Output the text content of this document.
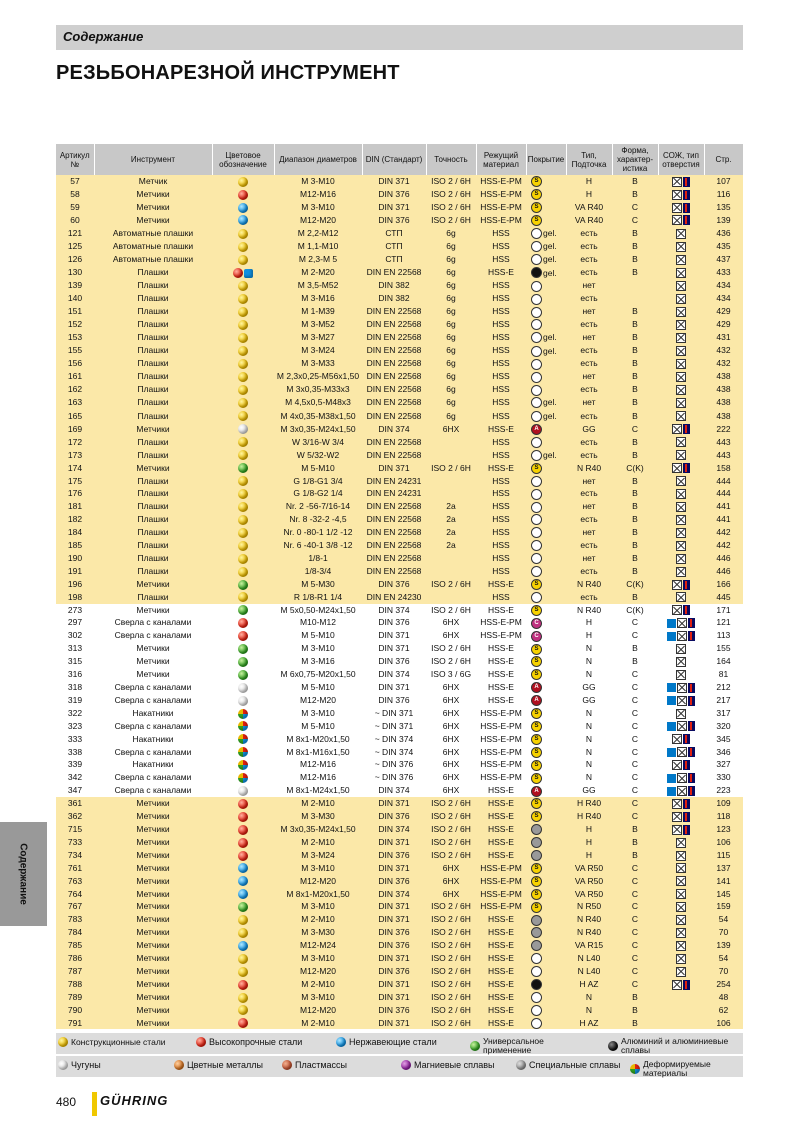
Содержание
РЕЗЬБОНАРЕЗНОЙ ИНСТРУМЕНТ
Артикул №	Инструмент	Цветовое обозначение	Диапазон диаметров	DIN (Стандарт)	Точность	Режущий материал	Покрытие	Тип, Подточка	Форма, характер-истика	СОЖ, тип отверстия	Стр.
57	Метчик		M 3-M10	DIN 371	ISO 2 / 6H	HSS-E-PM	S	H	B		107
58	Метчики		M12-M16	DIN 376	ISO 2 / 6H	HSS-E-PM	S	H	B		116
59	Метчики		M 3-M10	DIN 371	ISO 2 / 6H	HSS-E-PM	S	VA R40	C		135
60	Метчики		M12-M20	DIN 376	ISO 2 / 6H	HSS-E-PM	S	VA R40	C		139
121	Автоматные плашки		M 2,2-M12	СТП	6g	HSS	gel.	есть	B		436
125	Автоматные плашки		M 1,1-M10	СТП	6g	HSS	gel.	есть	B		435
126	Автоматные плашки		M 2,3-M 5	СТП	6g	HSS	gel.	есть	B		437
130	Плашки		M 2-M20	DIN EN 22568	6g	HSS-E	gel.	есть	B		433
139	Плашки		M 3,5-M52	DIN 382	6g	HSS		нет			434
140	Плашки		M 3-M16	DIN 382	6g	HSS		есть			434
151	Плашки		M 1-M39	DIN EN 22568	6g	HSS		нет	B		429
152	Плашки		M 3-M52	DIN EN 22568	6g	HSS		есть	B		429
153	Плашки		M 3-M27	DIN EN 22568	6g	HSS	gel.	нет	B		431
155	Плашки		M 3-M24	DIN EN 22568	6g	HSS	gel.	есть	B		432
156	Плашки		M 3-M33	DIN EN 22568	6g	HSS		есть	B		432
161	Плашки		M 2,3x0,25-M56x1,50	DIN EN 22568	6g	HSS		нет	B		438
162	Плашки		M 3x0,35-M33x3	DIN EN 22568	6g	HSS		есть	B		438
163	Плашки		M 4,5x0,5-M48x3	DIN EN 22568	6g	HSS	gel.	нет	B		438
165	Плашки		M 4x0,35-M38x1,50	DIN EN 22568	6g	HSS	gel.	есть	B		438
169	Метчики		M 3x0,35-M24x1,50	DIN 374	6HX	HSS-E	A	GG	C		222
172	Плашки		W 3/16-W 3/4	DIN EN 22568		HSS		есть	B		443
173	Плашки		W 5/32-W2	DIN EN 22568		HSS	gel.	есть	B		443
174	Метчики		M 5-M10	DIN 371	ISO 2 / 6H	HSS-E	S	N R40	C(K)		158
175	Плашки		G 1/8-G1 3/4	DIN EN 24231		HSS		нет	B		444
176	Плашки		G 1/8-G2 1/4	DIN EN 24231		HSS		есть	B		444
181	Плашки		Nr. 2 -56-7/16-14	DIN EN 22568	2a	HSS		нет	B		441
182	Плашки		Nr. 8 -32-2 -4,5	DIN EN 22568	2a	HSS		есть	B		441
184	Плашки		Nr. 0 -80-1 1/2 -12	DIN EN 22568	2a	HSS		нет	B		442
185	Плашки		Nr. 6 -40-1 3/8 -12	DIN EN 22568	2a	HSS		есть	B		442
190	Плашки		1/8-1	DIN EN 22568		HSS		нет	B		446
191	Плашки		1/8-3/4	DIN EN 22568		HSS		есть	B		446
196	Метчики		M 5-M30	DIN 376	ISO 2 / 6H	HSS-E	S	N R40	C(K)		166
198	Плашки		R 1/8-R1 1/4	DIN EN 24230		HSS		есть	B		445
273	Метчики		M 5x0,50-M24x1,50	DIN 374	ISO 2 / 6H	HSS-E	S	N R40	C(K)		171
297	Сверла с каналами		M10-M12	DIN 376	6HX	HSS-E-PM	C	H	C		121
302	Сверла с каналами		M 5-M10	DIN 371	6HX	HSS-E-PM	C	H	C		113
313	Метчики		M 3-M10	DIN 371	ISO 2 / 6H	HSS-E	S	N	B		155
315	Метчики		M 3-M16	DIN 376	ISO 2 / 6H	HSS-E	S	N	B		164
316	Метчики		M 6x0,75-M20x1,50	DIN 374	ISO 3 / 6G	HSS-E	S	N	C		81
318	Сверла с каналами		M 5-M10	DIN 371	6HX	HSS-E	A	GG	C		212
319	Сверла с каналами		M12-M20	DIN 376	6HX	HSS-E	A	GG	C		217
322	Накатники		M 3-M10	~ DIN 371	6HX	HSS-E-PM	S	N	C		317
323	Сверла с каналами		M 5-M10	~ DIN 371	6HX	HSS-E-PM	S	N	C		320
333	Накатники		M 8x1-M20x1,50	~ DIN 374	6HX	HSS-E-PM	S	N	C		345
338	Сверла с каналами		M 8x1-M16x1,50	~ DIN 374	6HX	HSS-E-PM	S	N	C		346
339	Накатники		M12-M16	~ DIN 376	6HX	HSS-E-PM	S	N	C		327
342	Сверла с каналами		M12-M16	~ DIN 376	6HX	HSS-E-PM	S	N	C		330
347	Сверла с каналами		M 8x1-M24x1,50	DIN 374	6HX	HSS-E	A	GG	C		223
361	Метчики		M 2-M10	DIN 371	ISO 2 / 6H	HSS-E	S	H R40	C		109
362	Метчики		M 3-M30	DIN 376	ISO 2 / 6H	HSS-E	S	H R40	C		118
715	Метчики		M 3x0,35-M24x1,50	DIN 374	ISO 2 / 6H	HSS-E		H	B		123
733	Метчики		M 2-M10	DIN 371	ISO 2 / 6H	HSS-E		H	B		106
734	Метчики		M 3-M24	DIN 376	ISO 2 / 6H	HSS-E		H	B		115
761	Метчики		M 3-M10	DIN 371	6HX	HSS-E-PM	S	VA R50	C		137
763	Метчики		M12-M20	DIN 376	6HX	HSS-E-PM	S	VA R50	C		141
764	Метчики		M 8x1-M20x1,50	DIN 374	6HX	HSS-E-PM	S	VA R50	C		145
767	Метчики		M 3-M10	DIN 371	ISO 2 / 6H	HSS-E-PM	S	N R50	C		159
783	Метчики		M 2-M10	DIN 371	ISO 2 / 6H	HSS-E		N R40	C		54
784	Метчики		M 3-M30	DIN 376	ISO 2 / 6H	HSS-E		N R40	C		70
785	Метчики		M12-M24	DIN 376	ISO 2 / 6H	HSS-E		VA R15	C		139
786	Метчики		M 3-M10	DIN 371	ISO 2 / 6H	HSS-E		N L40	C		54
787	Метчики		M12-M20	DIN 376	ISO 2 / 6H	HSS-E		N L40	C		70
788	Метчики		M 2-M10	DIN 371	ISO 2 / 6H	HSS-E		H AZ	C		254
789	Метчики		M 3-M10	DIN 371	ISO 2 / 6H	HSS-E		N	B		48
790	Метчики		M12-M20	DIN 376	ISO 2 / 6H	HSS-E		N	B		62
791	Метчики		M 2-M10	DIN 371	ISO 2 / 6H	HSS-E		H AZ	B		106
Конструкционные стали	Высокопрочные стали	Нержавеющие стали	Универсальное применение
Алюминий и алюминиевые сплавы
Чугуны	Цветные металлы	Пластмассы	Магниевые сплавы	Специальные сплавы	Деформируемые материалы
Содержание
480 GÜHRING
